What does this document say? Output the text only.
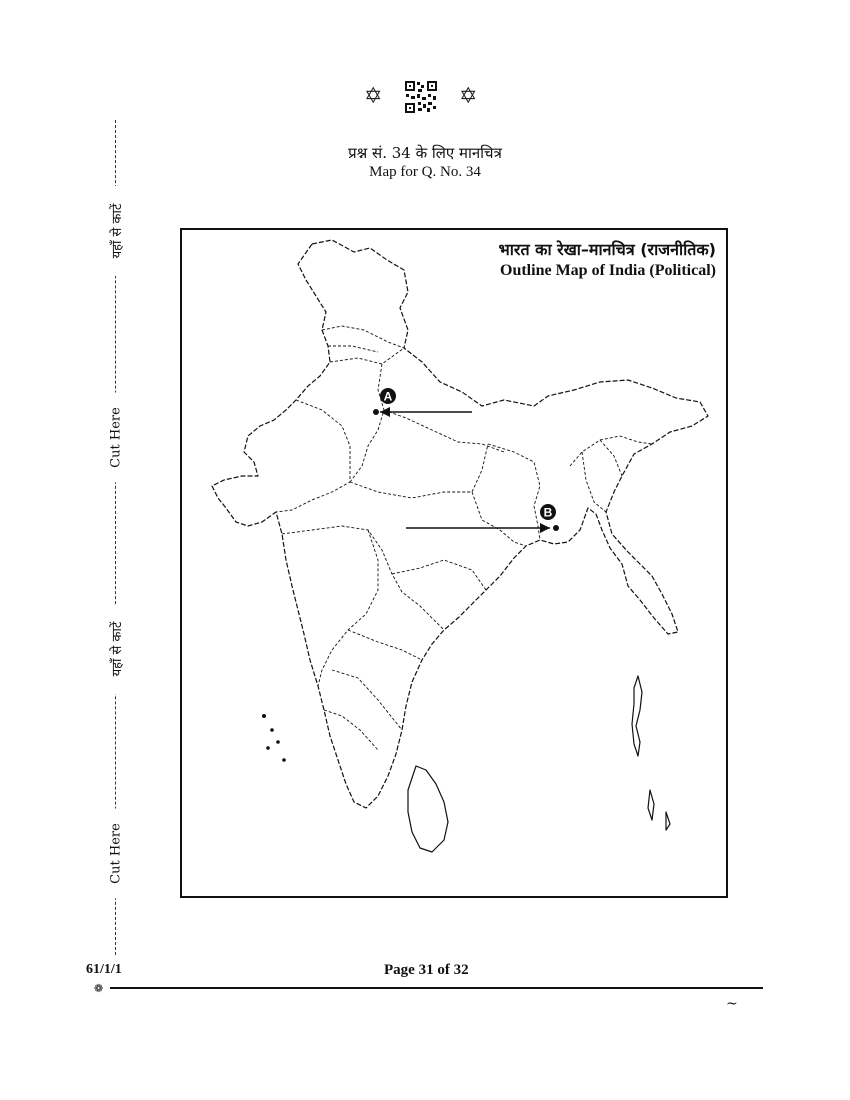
✡	✡
प्रश्न सं. 34 के लिए मानचित्र
Map for Q. No. 34
यहाँ से काटें
Cut Here
यहाँ से काटें
Cut Here
भारत का रेखा–मानचित्र (राजनीतिक)
Outline Map of India (Political)
A
B
61/1/1	Page 31 of 32
❁
~
